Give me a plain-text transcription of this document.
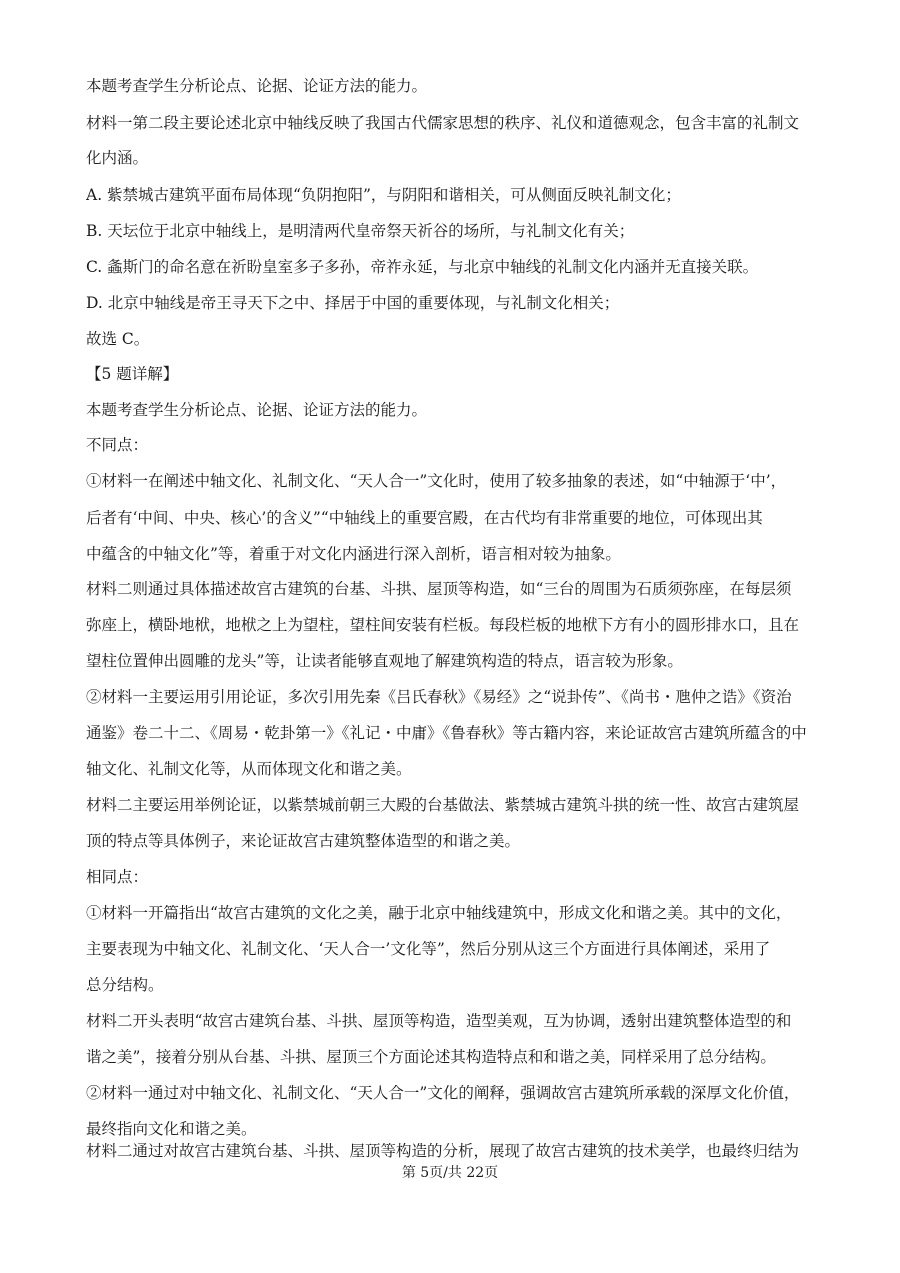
本题考查学生分析论点、论据、论证方法的能力。
材料一第二段主要论述北京中轴线反映了我国古代儒家思想的秩序、礼仪和道德观念，包含丰富的礼制文
化内涵。
A. 紫禁城古建筑平面布局体现“负阴抱阳”，与阴阳和谐相关，可从侧面反映礼制文化；
B. 天坛位于北京中轴线上，是明清两代皇帝祭天祈谷的场所，与礼制文化有关；
C. 螽斯门的命名意在祈盼皇室多子多孙，帝祚永延，与北京中轴线的礼制文化内涵并无直接关联。
D. 北京中轴线是帝王寻天下之中、择居于中国的重要体现，与礼制文化相关；
故选 C。
【5 题详解】
本题考查学生分析论点、论据、论证方法的能力。
不同点：
①材料一在阐述中轴文化、礼制文化、“天人合一”文化时，使用了较多抽象的表述，如“中轴源于‘中’，
后者有‘中间、中央、核心’的含义”“中轴线上的重要宫殿，在古代均有非常重要的地位，可体现出其
中蕴含的中轴文化”等，着重于对文化内涵进行深入剖析，语言相对较为抽象。
材料二则通过具体描述故宫古建筑的台基、斗拱、屋顶等构造，如“三台的周围为石质须弥座，在每层须
弥座上，横卧地栿，地栿之上为望柱，望柱间安装有栏板。每段栏板的地栿下方有小的圆形排水口，且在
望柱位置伸出圆雕的龙头”等，让读者能够直观地了解建筑构造的特点，语言较为形象。
②材料一主要运用引用论证，多次引用先秦《吕氏春秋》《易经》之“说卦传”、《尚书・虺仲之诰》《资治
通鉴》卷二十二、《周易・乾卦第一》《礼记・中庸》《鲁春秋》等古籍内容，来论证故宫古建筑所蕴含的中
轴文化、礼制文化等，从而体现文化和谐之美。
材料二主要运用举例论证，以紫禁城前朝三大殿的台基做法、紫禁城古建筑斗拱的统一性、故宫古建筑屋
顶的特点等具体例子，来论证故宫古建筑整体造型的和谐之美。
相同点：
①材料一开篇指出“故宫古建筑的文化之美，融于北京中轴线建筑中，形成文化和谐之美。其中的文化，
主要表现为中轴文化、礼制文化、‘天人合一’文化等”，然后分别从这三个方面进行具体阐述，采用了
总分结构。
材料二开头表明“故宫古建筑台基、斗拱、屋顶等构造，造型美观，互为协调，透射出建筑整体造型的和
谐之美”，接着分别从台基、斗拱、屋顶三个方面论述其构造特点和和谐之美，同样采用了总分结构。
②材料一通过对中轴文化、礼制文化、“天人合一”文化的阐释，强调故宫古建筑所承载的深厚文化价值，
最终指向文化和谐之美。
材料二通过对故宫古建筑台基、斗拱、屋顶等构造的分析，展现了故宫古建筑的技术美学，也最终归结为
第 5页/共 22页
